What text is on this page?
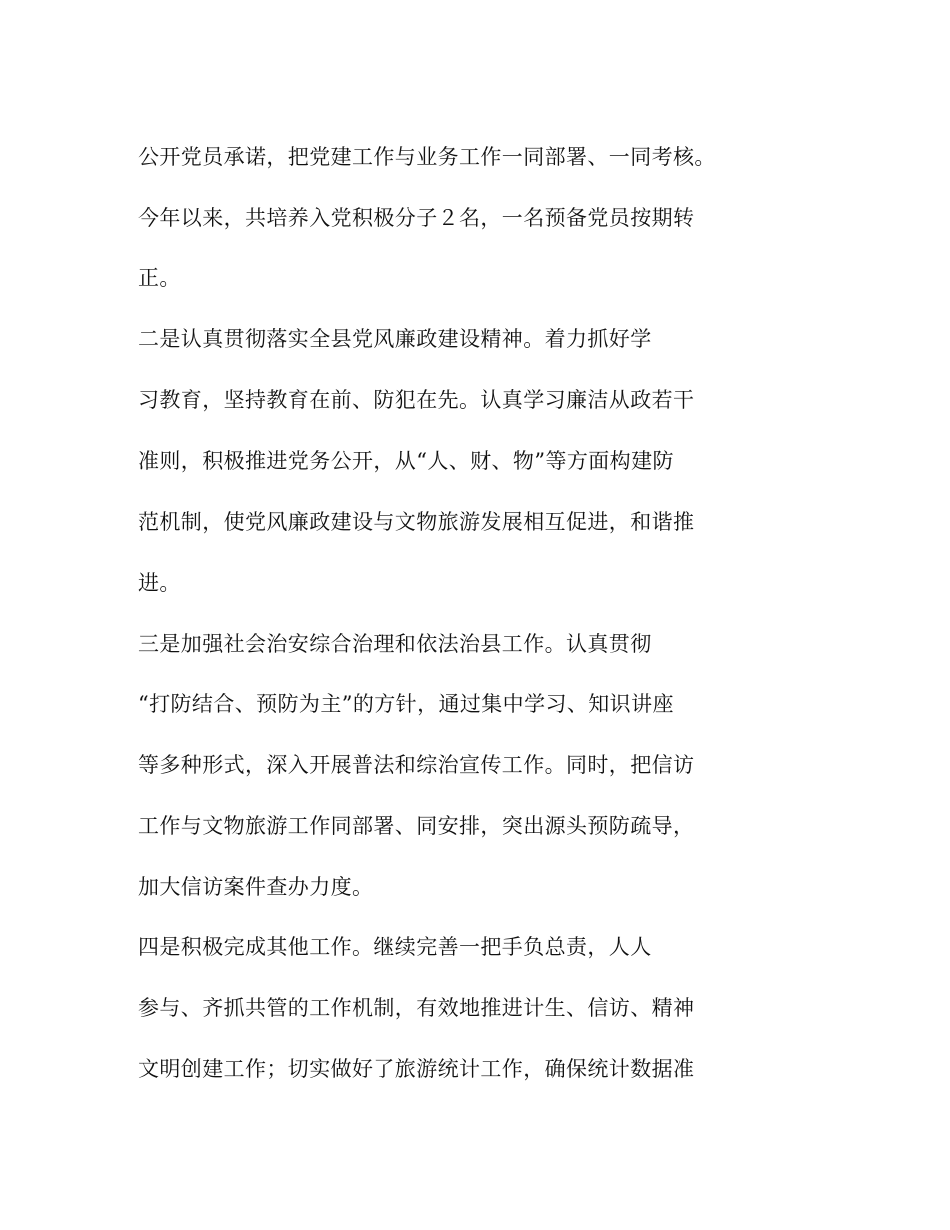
公开党员承诺，把党建工作与业务工作一同部署、一同考核。
今年以来，共培养入党积极分子２名，一名预备党员按期转
正。
二是认真贯彻落实全县党风廉政建设精神。着力抓好学
习教育，坚持教育在前、防犯在先。认真学习廉洁从政若干
准则，积极推进党务公开，从“人、财、物”等方面构建防
范机制，使党风廉政建设与文物旅游发展相互促进，和谐推
进。
三是加强社会治安综合治理和依法治县工作。认真贯彻
“打防结合、预防为主”的方针，通过集中学习、知识讲座
等多种形式，深入开展普法和综治宣传工作。同时，把信访
工作与文物旅游工作同部署、同安排，突出源头预防疏导，
加大信访案件查办力度。
四是积极完成其他工作。继续完善一把手负总责，人人
参与、齐抓共管的工作机制，有效地推进计生、信访、精神
文明创建工作；切实做好了旅游统计工作，确保统计数据准
